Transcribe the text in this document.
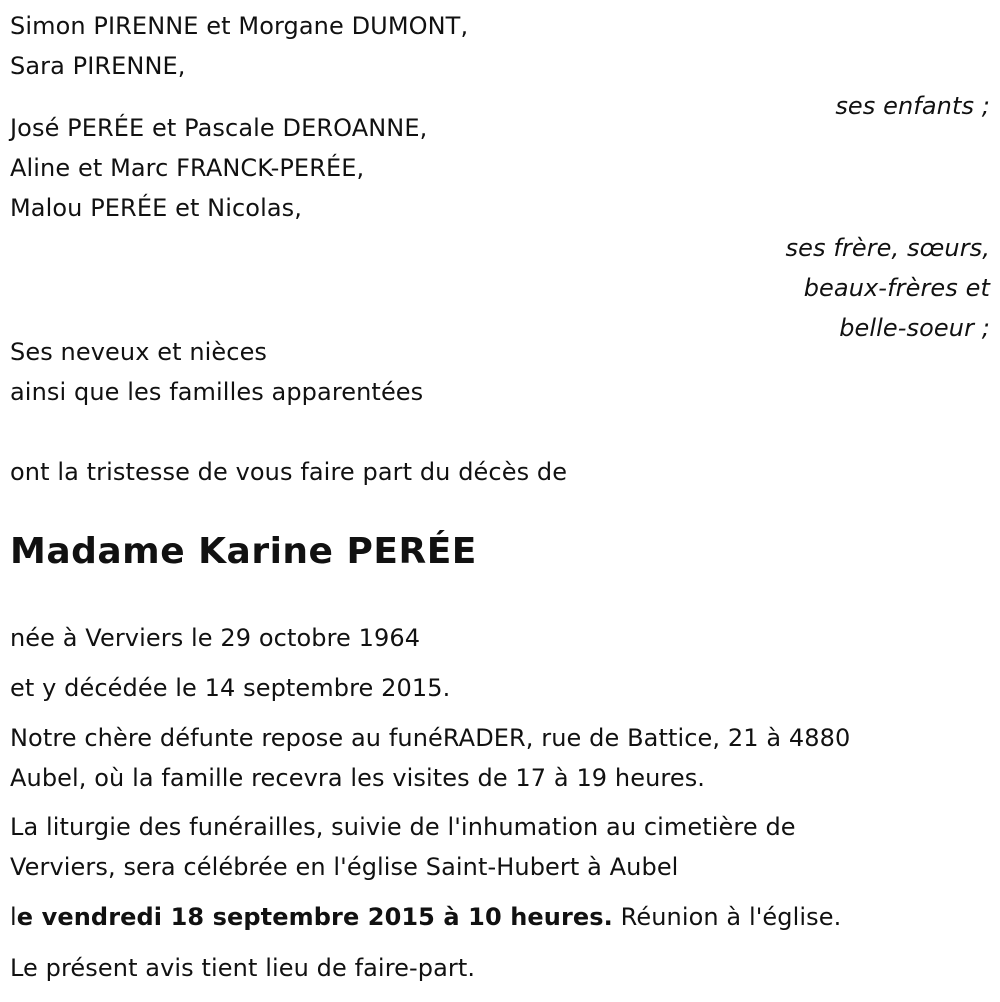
Simon PIRENNE et Morgane DUMONT,
Sara PIRENNE,
ses enfants ;
José PERÉE et Pascale DEROANNE,
Aline et Marc FRANCK-PERÉE,
Malou PERÉE et Nicolas,
ses frère, sœurs,
beaux-frères et
belle-soeur ;
Ses neveux et nièces
ainsi que les familles apparentées
ont la tristesse de vous faire part du décès de
Madame Karine PERÉE
née à Verviers le 29 octobre 1964
et y décédée le 14 septembre 2015.
Notre chère défunte repose au funéRADER, rue de Battice, 21 à 4880
Aubel, où la famille recevra les visites de 17 à 19 heures.
La liturgie des funérailles, suivie de l'inhumation au cimetière de
Verviers, sera célébrée en l'église Saint-Hubert à Aubel
le vendredi 18 septembre 2015 à 10 heures. Réunion à l'église.
Le présent avis tient lieu de faire-part.
